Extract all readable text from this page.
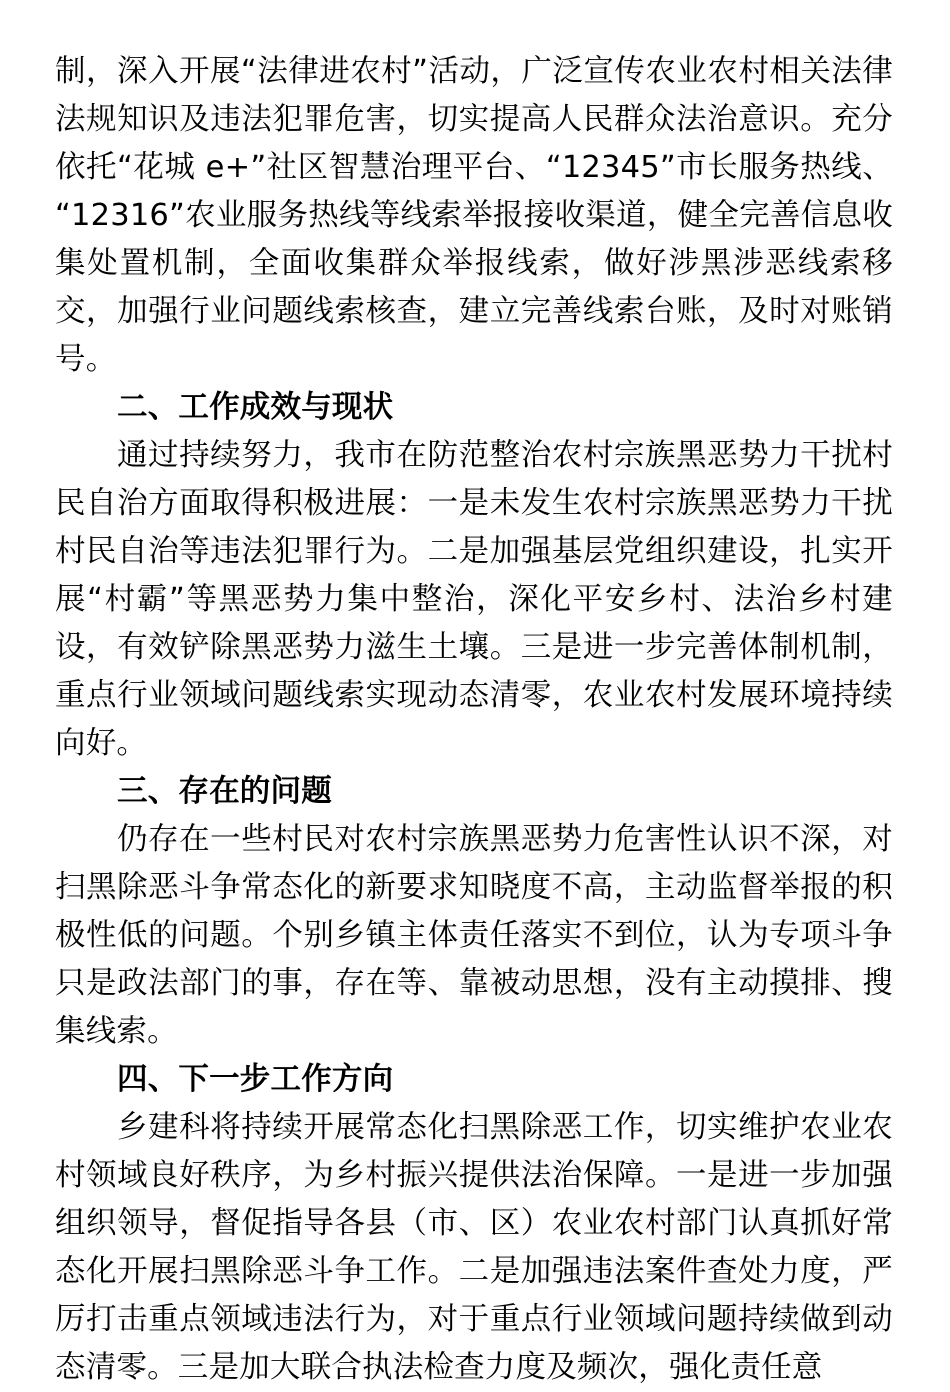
制，深入开展“法律进农村”活动，广泛宣传农业农村相关法律法规知识及违法犯罪危害，切实提高人民群众法治意识。充分依托“花城 e+”社区智慧治理平台、“12345”市长服务热线、“12316”农业服务热线等线索举报接收渠道，健全完善信息收集处置机制，全面收集群众举报线索，做好涉黑涉恶线索移交，加强行业问题线索核查，建立完善线索台账，及时对账销号。

二、工作成效与现状

通过持续努力，我市在防范整治农村宗族黑恶势力干扰村民自治方面取得积极进展：一是未发生农村宗族黑恶势力干扰村民自治等违法犯罪行为。二是加强基层党组织建设，扎实开展“村霸”等黑恶势力集中整治，深化平安乡村、法治乡村建设，有效铲除黑恶势力滋生土壤。三是进一步完善体制机制，重点行业领域问题线索实现动态清零，农业农村发展环境持续向好。

三、存在的问题

仍存在一些村民对农村宗族黑恶势力危害性认识不深，对扫黑除恶斗争常态化的新要求知晓度不高，主动监督举报的积极性低的问题。个别乡镇主体责任落实不到位，认为专项斗争只是政法部门的事，存在等、靠被动思想，没有主动摸排、搜集线索。

四、下一步工作方向

乡建科将持续开展常态化扫黑除恶工作，切实维护农业农村领域良好秩序，为乡村振兴提供法治保障。一是进一步加强组织领导，督促指导各县（市、区）农业农村部门认真抓好常态化开展扫黑除恶斗争工作。二是加强违法案件查处力度，严厉打击重点领域违法行为，对于重点行业领域问题持续做到动态清零。三是加大联合执法检查力度及频次，强化责任意
